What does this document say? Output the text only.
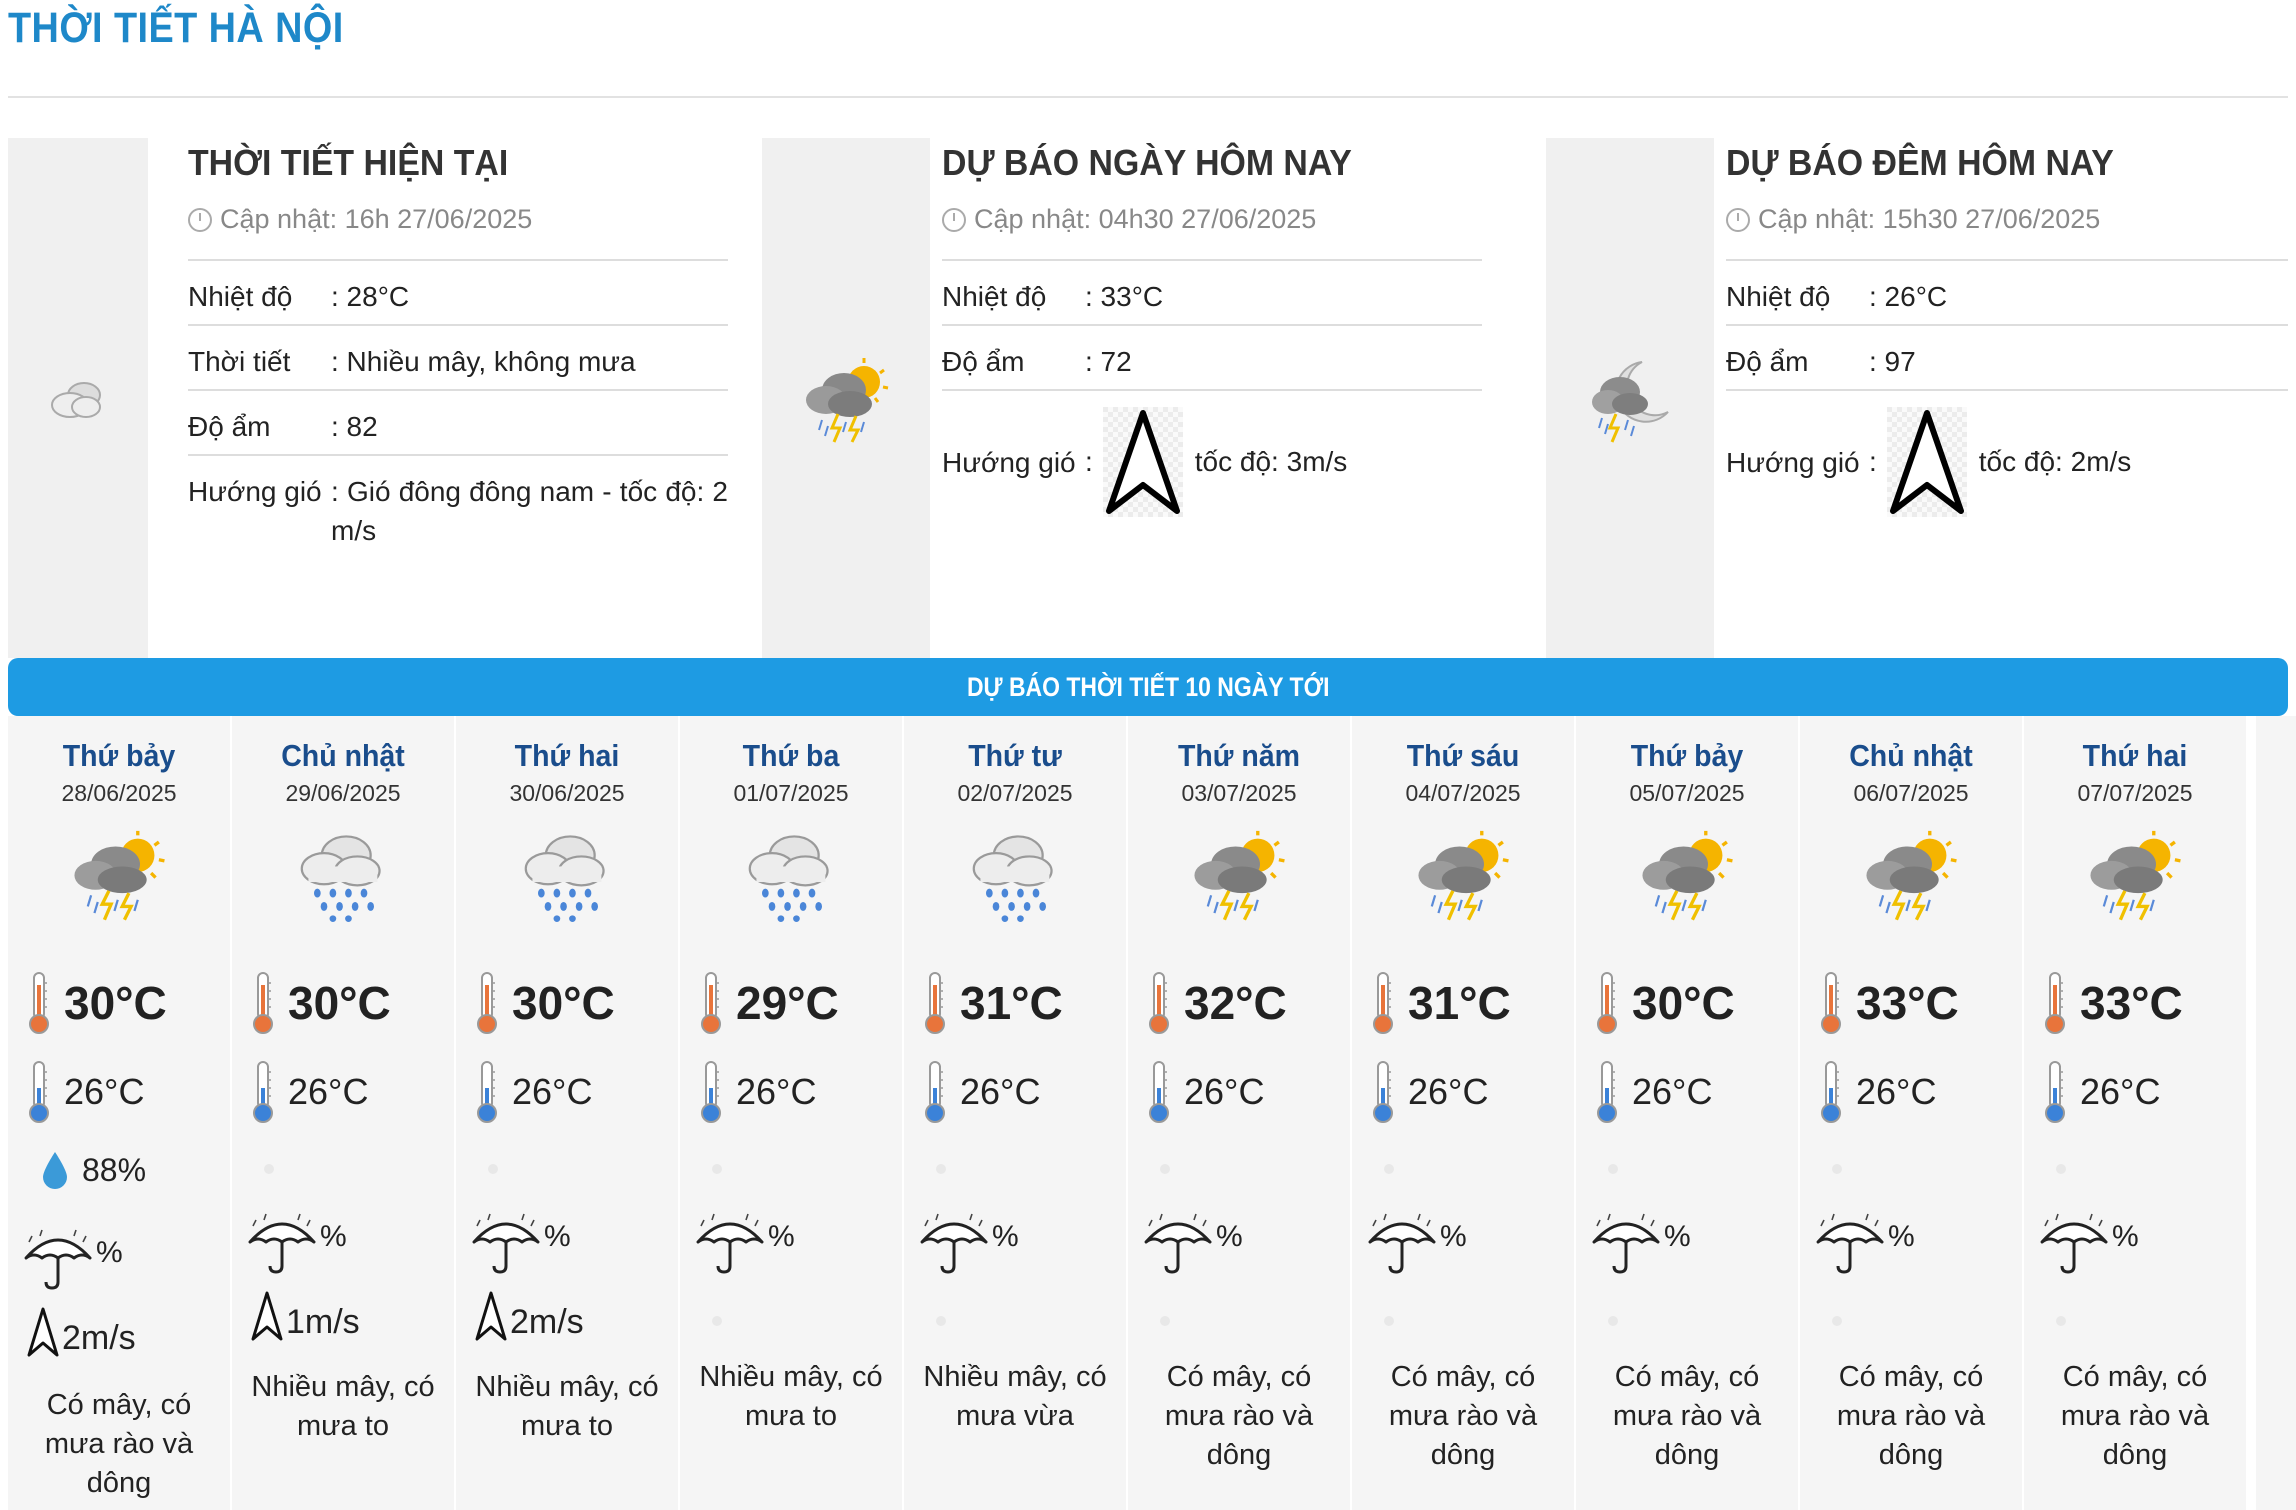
THỜI TIẾT HÀ NỘI
THỜI TIẾT HIỆN TẠI
Cập nhật: 16h 27/06/2025
Nhiệt độ	: 28°C
Thời tiết	: Nhiều mây, không mưa
Độ ẩm	: 82
Hướng gió : Gió đông đông nam - tốc độ: 2 m/s
DỰ BÁO NGÀY HÔM NAY
Cập nhật: 04h30 27/06/2025
Nhiệt độ	: 33°C
Độ ẩm	: 72
Hướng gió :	tốc độ: 3m/s
DỰ BÁO ĐÊM HÔM NAY
Cập nhật: 15h30 27/06/2025
Nhiệt độ	: 26°C
Độ ẩm	: 97
Hướng gió :	tốc độ: 2m/s
DỰ BÁO THỜI TIẾT 10 NGÀY TỚI
Thứ bảy
28/06/2025
30°C
26°C
88%
%
2m/s
Có mây, có mưa rào và dông
Chủ nhật
29/06/2025
30°C
26°C
%
1m/s
Nhiều mây, có mưa to
Thứ hai
30/06/2025
30°C
26°C
%
2m/s
Nhiều mây, có mưa to
Thứ ba
01/07/2025
29°C
26°C
%
Nhiều mây, có mưa to
Thứ tư
02/07/2025
31°C
26°C
%
Nhiều mây, có mưa vừa
Thứ năm
03/07/2025
32°C
26°C
%
Có mây, có mưa rào và dông
Thứ sáu
04/07/2025
31°C
26°C
%
Có mây, có mưa rào và dông
Thứ bảy
05/07/2025
30°C
26°C
%
Có mây, có mưa rào và dông
Chủ nhật
06/07/2025
33°C
26°C
%
Có mây, có mưa rào và dông
Thứ hai
07/07/2025
33°C
26°C
%
Có mây, có mưa rào và dông
